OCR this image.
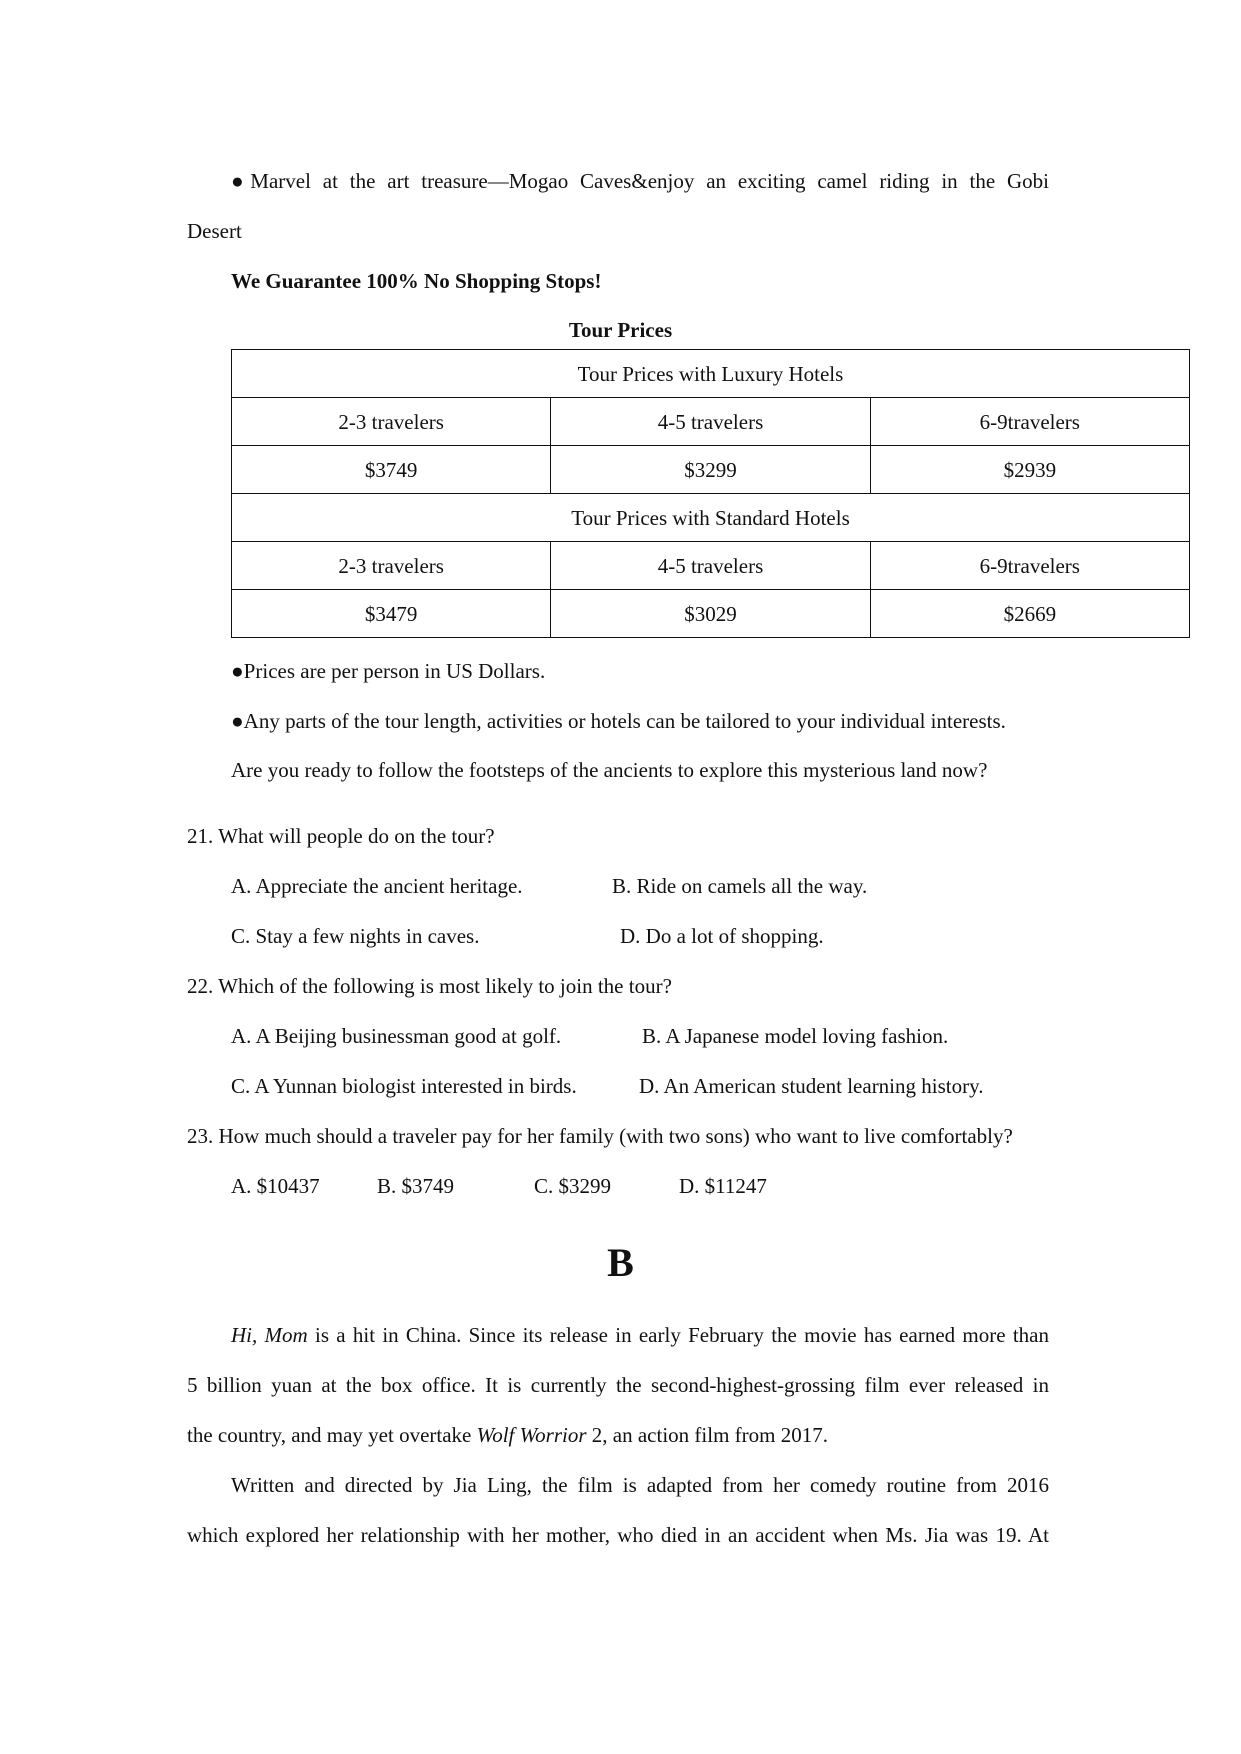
●Marvel at the art treasure—Mogao Caves&enjoy an exciting camel riding in the Gobi
Desert
We Guarantee 100% No Shopping Stops!
Tour Prices
Tour Prices with Luxury Hotels		
2-3 travelers	4-5 travelers	6-9travelers
$3749	$3299	$2939
Tour Prices with Standard Hotels		
2-3 travelers	4-5 travelers	6-9travelers
$3479	$3029	$2669
●Prices are per person in US Dollars.
●Any parts of the tour length, activities or hotels can be tailored to your individual interests.
Are you ready to follow the footsteps of the ancients to explore this mysterious land now?
21. What will people do on the tour?
A. Appreciate the ancient heritage.	B. Ride on camels all the way.
C. Stay a few nights in caves.	D. Do a lot of shopping.
22. Which of the following is most likely to join the tour?
A. A Beijing businessman good at golf.	B. A Japanese model loving fashion.
C. A Yunnan biologist interested in birds.	D. An American student learning history.
23. How much should a traveler pay for her family (with two sons) who want to live comfortably?
A. $10437	B. $3749	C. $3299	D. $11247
B
Hi, Mom is a hit in China. Since its release in early February the movie has earned more than
5 billion yuan at the box office. It is currently the second-highest-grossing film ever released in
the country, and may yet overtake Wolf Worrior 2, an action film from 2017.
Written and directed by Jia Ling, the film is adapted from her comedy routine from 2016
which explored her relationship with her mother, who died in an accident when Ms. Jia was 19. At
